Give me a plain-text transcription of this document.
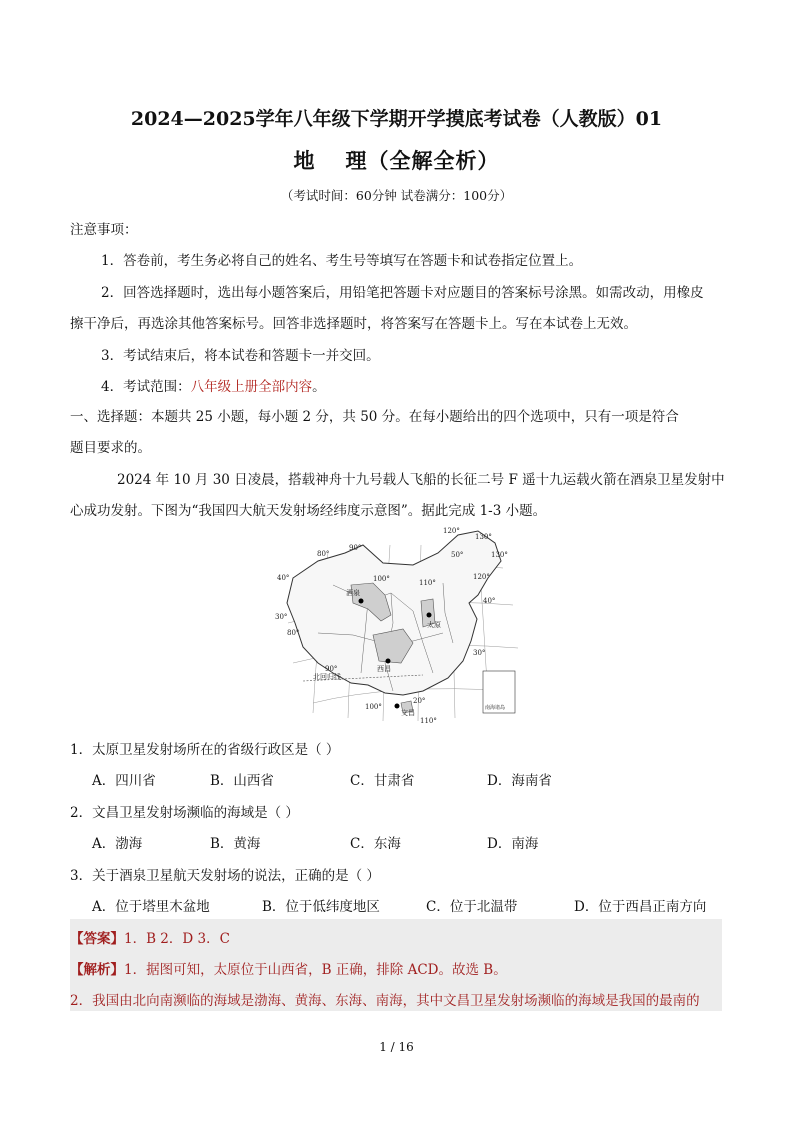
2024—2025学年八年级下学期开学摸底考试卷（人教版）01
地 理（全解全析）
（考试时间：60分钟 试卷满分：100分）
注意事项：
1．答卷前，考生务必将自己的姓名、考生号等填写在答题卡和试卷指定位置上。
2．回答选择题时，选出每小题答案后，用铅笔把答题卡对应题目的答案标号涂黑。如需改动，用橡皮
擦干净后，再选涂其他答案标号。回答非选择题时，将答案写在答题卡上。写在本试卷上无效。
3．考试结束后，将本试卷和答题卡一并交回。
4．考试范围：八年级上册全部内容。
一、选择题：本题共 25 小题，每小题 2 分，共 50 分。在每小题给出的四个选项中，只有一项是符合
题目要求的。
2024 年 10 月 30 日凌晨，搭载神舟十九号载人飞船的长征二号 F 遥十九运载火箭在酒泉卫星发射中
心成功发射。下图为“我国四大航天发射场经纬度示意图”。据此完成 1-3 小题。
酒泉
太原
西昌
文昌
北回归线
南海诸岛
80°
90°
100°	110°
120°
130°
80°
90°
100°
110°
120°
130°
40°
30°
50°
40°
30°
20°
1．太原卫星发射场所在的省级行政区是（ ）
A．四川省	B．山西省	C．甘肃省	D．海南省
2．文昌卫星发射场濒临的海域是（ ）
A．渤海	B．黄海	C．东海	D．南海
3．关于酒泉卫星航天发射场的说法，正确的是（ ）
A．位于塔里木盆地	B．位于低纬度地区	C．位于北温带	D．位于西昌正南方向
【答案】1．B 2．D 3．C
【解析】1．据图可知，太原位于山西省，B 正确，排除 ACD。故选 B。
2．我国由北向南濒临的海域是渤海、黄海、东海、南海，其中文昌卫星发射场濒临的海域是我国的最南的
1 / 16
